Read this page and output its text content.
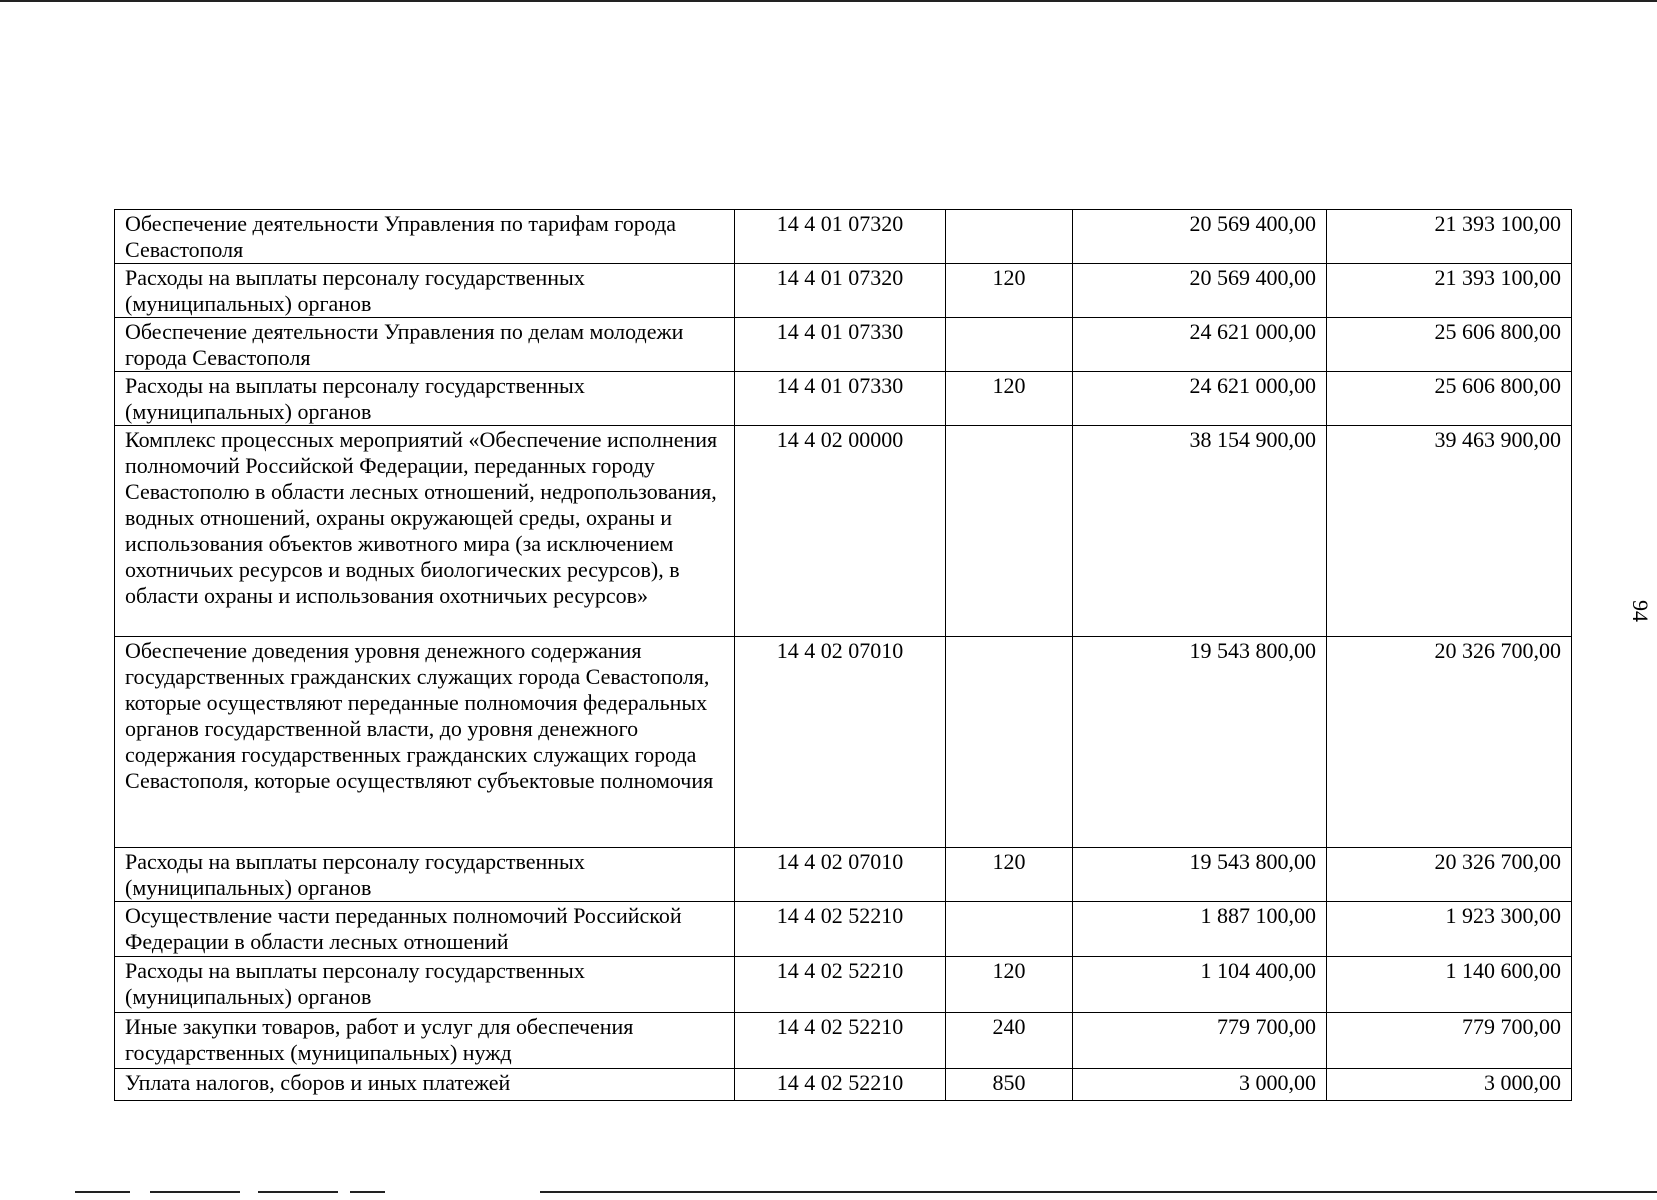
Обеспечение деятельности Управления по тарифам города Севастополя	14 4 01 07320		20 569 400,00	21 393 100,00
Расходы на выплаты персоналу государственных (муниципальных) органов	14 4 01 07320	120	20 569 400,00	21 393 100,00
Обеспечение деятельности Управления по делам молодежи города Севастополя	14 4 01 07330		24 621 000,00	25 606 800,00
Расходы на выплаты персоналу государственных (муниципальных) органов	14 4 01 07330	120	24 621 000,00	25 606 800,00
Комплекс процессных мероприятий «Обеспечение исполнения полномочий Российской Федерации, переданных городу Севастополю в области лесных отношений, недропользования, водных отношений, охраны окружающей среды, охраны и использования объектов животного мира (за исключением охотничьих ресурсов и водных биологических ресурсов), в области охраны и использования охотничьих ресурсов»	14 4 02 00000		38 154 900,00	39 463 900,00
Обеспечение доведения уровня денежного содержания государственных гражданских служащих города Севастополя, которые осуществляют переданные полномочия федеральных органов государственной власти, до уровня денежного содержания государственных гражданских служащих города Севастополя, которые осуществляют субъектовые полномочия	14 4 02 07010		19 543 800,00	20 326 700,00
Расходы на выплаты персоналу государственных (муниципальных) органов	14 4 02 07010	120	19 543 800,00	20 326 700,00
Осуществление части переданных полномочий Российской Федерации в области лесных отношений	14 4 02 52210		1 887 100,00	1 923 300,00
Расходы на выплаты персоналу государственных (муниципальных) органов	14 4 02 52210	120	1 104 400,00	1 140 600,00
Иные закупки товаров, работ и услуг для обеспечения государственных (муниципальных) нужд	14 4 02 52210	240	779 700,00	779 700,00
Уплата налогов, сборов и иных платежей	14 4 02 52210	850	3 000,00	3 000,00
94
